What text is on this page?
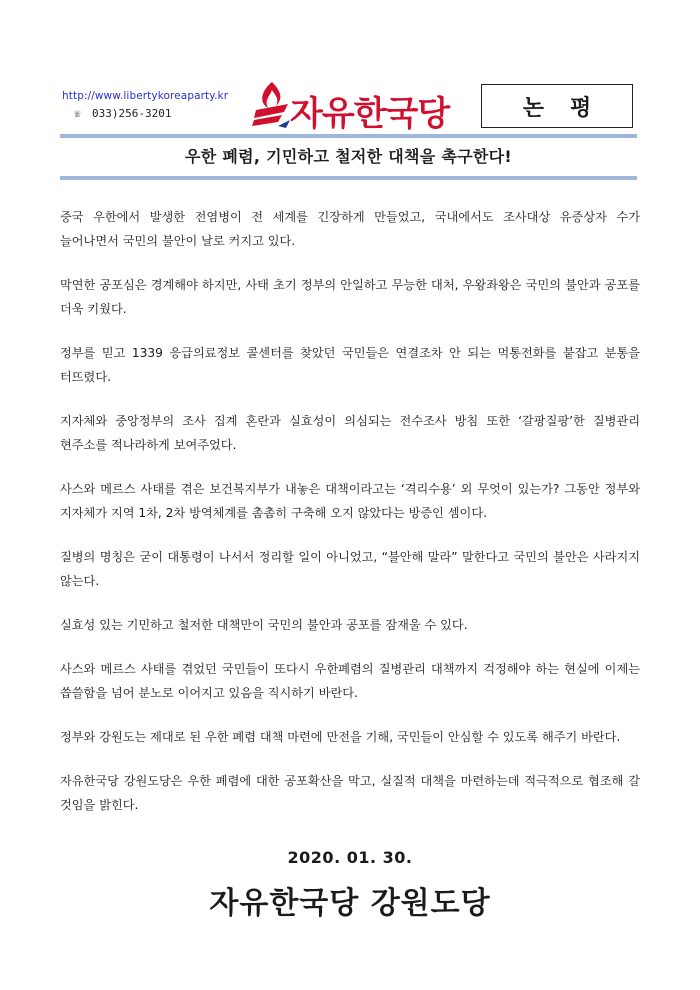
http://www.libertykoreaparty.kr
☏ 033)256-3201	자유한국당	논평
우한 폐렴, 기민하고 철저한 대책을 촉구한다!

중국 우한에서 발생한 전염병이 전 세계를 긴장하게 만들었고, 국내에서도 조사대상 유증상자 수가 늘어나면서 국민의 불안이 날로 커지고 있다.

막연한 공포심은 경계해야 하지만, 사태 초기 정부의 안일하고 무능한 대처, 우왕좌왕은 국민의 불안과 공포를 더욱 키웠다.

정부를 믿고 1339 응급의료정보 콜센터를 찾았던 국민들은 연결조차 안 되는 먹통전화를 붙잡고 분통을 터뜨렸다.

지자체와 중앙정부의 조사 집계 혼란과 실효성이 의심되는 전수조사 방침 또한 ‘갈팡질팡’한 질병관리 현주소를 적나라하게 보여주었다.

사스와 메르스 사태를 겪은 보건복지부가 내놓은 대책이라고는 ‘격리수용’ 외 무엇이 있는가? 그동안 정부와 지자체가 지역 1차, 2차 방역체계를 촘촘히 구축해 오지 않았다는 방증인 셈이다.

질병의 명칭은 굳이 대통령이 나서서 정리할 일이 아니었고, “불안해 말라” 말한다고 국민의 불안은 사라지지 않는다.

실효성 있는 기민하고 철저한 대책만이 국민의 불안과 공포를 잠재울 수 있다.

사스와 메르스 사태를 겪었던 국민들이 또다시 우한폐렴의 질병관리 대책까지 걱정해야 하는 현실에 이제는 씁쓸함을 넘어 분노로 이어지고 있음을 직시하기 바란다.

정부와 강원도는 제대로 된 우한 폐렴 대책 마련에 만전을 기해, 국민들이 안심할 수 있도록 해주기 바란다.

자유한국당 강원도당은 우한 폐렴에 대한 공포확산을 막고, 실질적 대책을 마련하는데 적극적으로 협조해 갈 것임을 밝힌다.

2020. 01. 30.
자유한국당 강원도당
